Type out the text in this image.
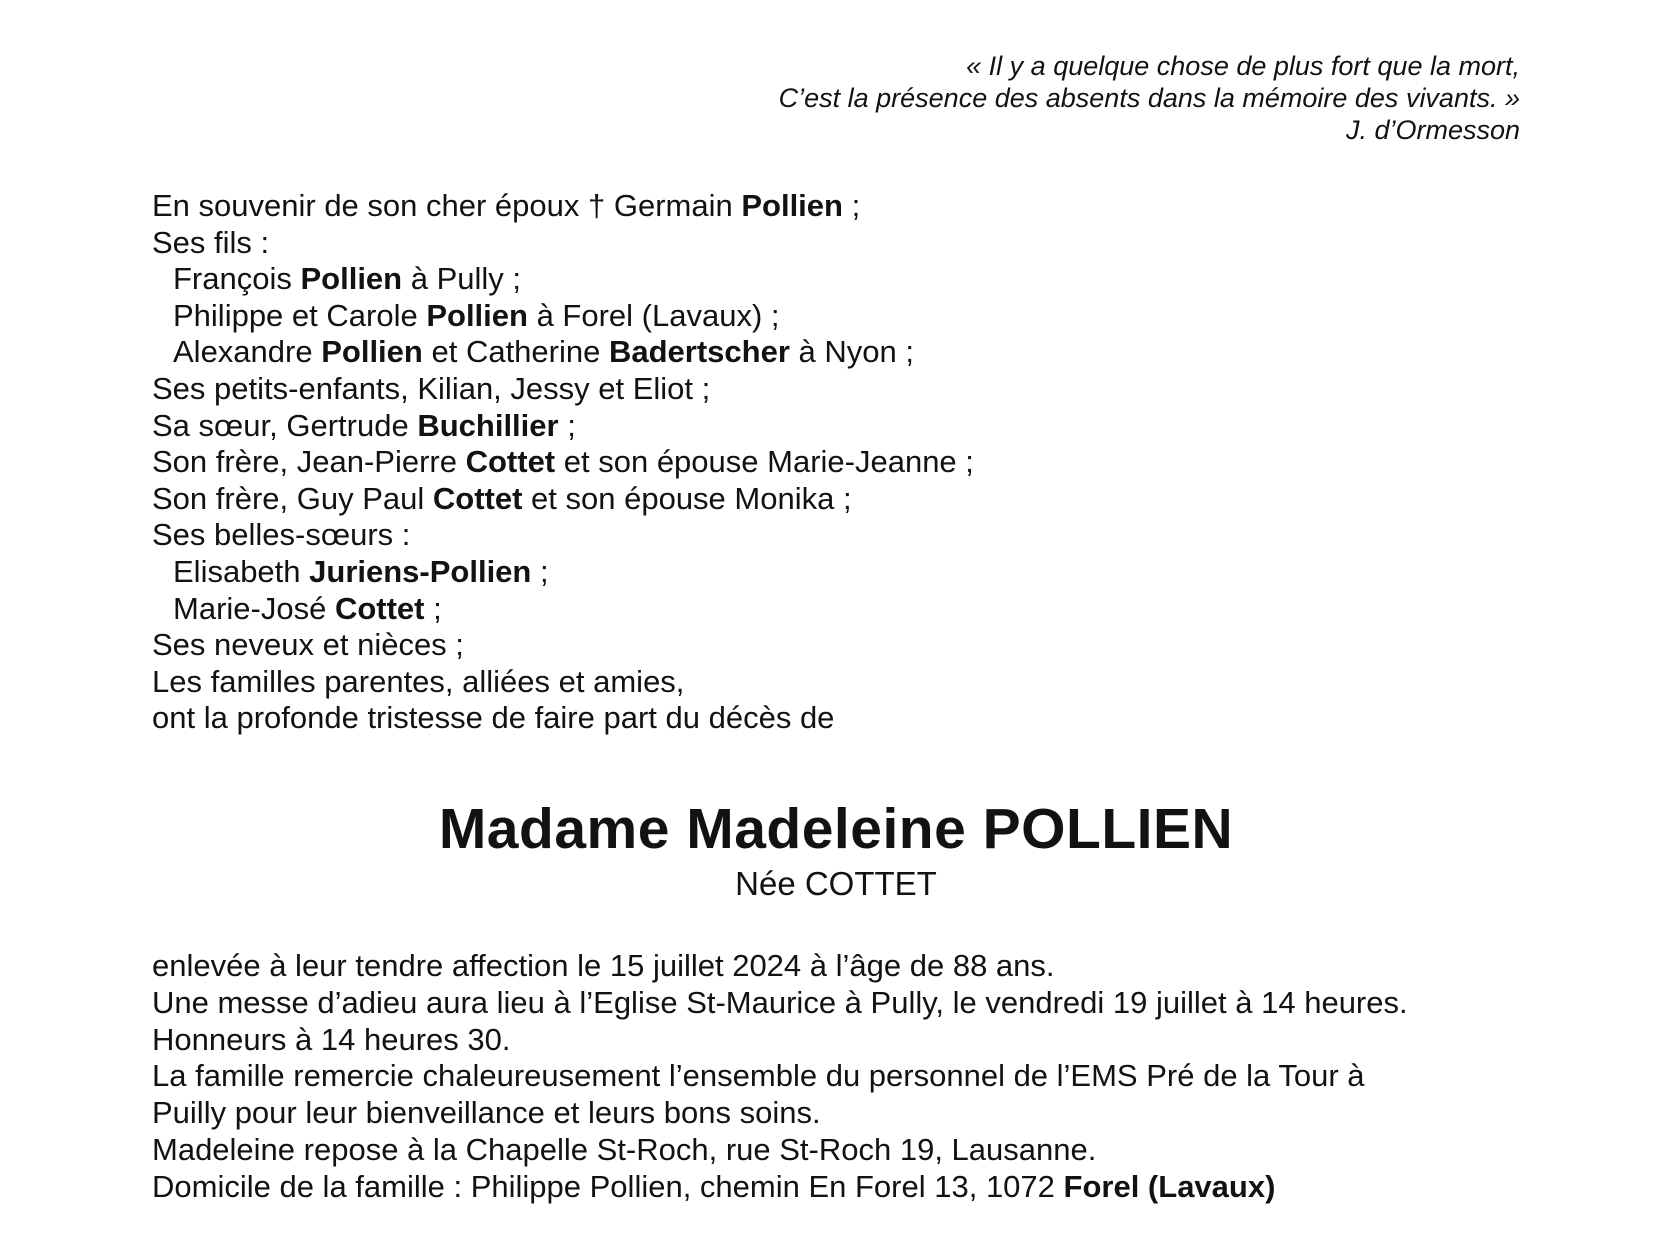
« Il y a quelque chose de plus fort que la mort,
C’est la présence des absents dans la mémoire des vivants. »
J. d’Ormesson
En souvenir de son cher époux † Germain Pollien ;
Ses fils :
François Pollien à Pully ;
Philippe et Carole Pollien à Forel (Lavaux) ;
Alexandre Pollien et Catherine Badertscher à Nyon ;
Ses petits-enfants, Kilian, Jessy et Eliot ;
Sa sœur, Gertrude Buchillier ;
Son frère, Jean-Pierre Cottet et son épouse Marie-Jeanne ;
Son frère, Guy Paul Cottet et son épouse Monika ;
Ses belles-sœurs :
Elisabeth Juriens-Pollien ;
Marie-José Cottet ;
Ses neveux et nièces ;
Les familles parentes, alliées et amies,
ont la profonde tristesse de faire part du décès de
Madame Madeleine POLLIEN
Née COTTET
enlevée à leur tendre affection le 15 juillet 2024 à l’âge de 88 ans.
Une messe d’adieu aura lieu à l’Eglise St-Maurice à Pully, le vendredi 19 juillet à 14 heures.
Honneurs à 14 heures 30.
La famille remercie chaleureusement l’ensemble du personnel de l’EMS Pré de la Tour à
Puilly pour leur bienveillance et leurs bons soins.
Madeleine repose à la Chapelle St-Roch, rue St-Roch 19, Lausanne.
Domicile de la famille : Philippe Pollien, chemin En Forel 13, 1072 Forel (Lavaux)
